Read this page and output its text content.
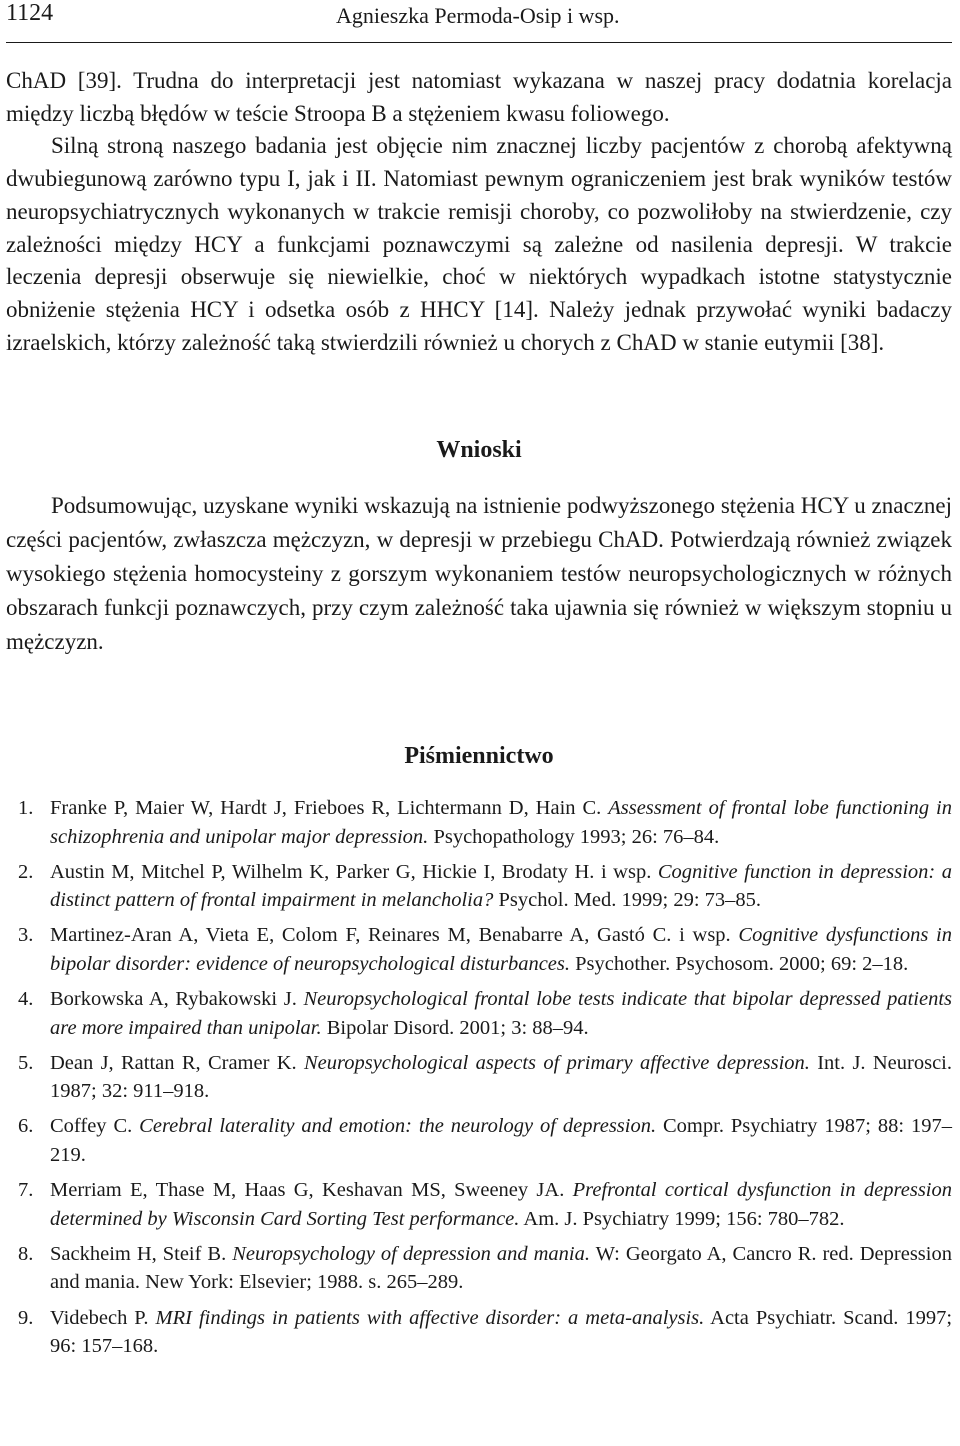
1124	Agnieszka Permoda-Osip i wsp.

ChAD [39]. Trudna do interpretacji jest natomiast wykazana w naszej pracy dodatnia korelacja między liczbą błędów w teście Stroopa B a stężeniem kwasu foliowego.

Silną stroną naszego badania jest objęcie nim znacznej liczby pacjentów z chorobą afektywną dwubiegunową zarówno typu I, jak i II. Natomiast pewnym ograniczeniem jest brak wyników testów neuropsychiatrycznych wykonanych w trakcie remisji choroby, co pozwoliłoby na stwierdzenie, czy zależności między HCY a funkcjami poznawczymi są zależne od nasilenia depresji. W trakcie leczenia depresji obserwuje się niewielkie, choć w niektórych wypadkach istotne statystycznie obniżenie stężenia HCY i odsetka osób z HHCY [14]. Należy jednak przywołać wyniki badaczy izraelskich, którzy zależność taką stwierdzili również u chorych z ChAD w stanie eutymii [38].

Wnioski

Podsumowując, uzyskane wyniki wskazują na istnienie podwyższonego stężenia HCY u znacznej części pacjentów, zwłaszcza mężczyzn, w depresji w przebiegu ChAD. Potwierdzają również związek wysokiego stężenia homocysteiny z gorszym wykonaniem testów neuropsychologicznych w różnych obszarach funkcji poznawczych, przy czym zależność taka ujawnia się również w większym stopniu u mężczyzn.

Piśmiennictwo
1. Franke P, Maier W, Hardt J, Frieboes R, Lichtermann D, Hain C. Assessment of frontal lobe functioning in schizophrenia and unipolar major depression. Psychopathology 1993; 26: 76–84.
2. Austin M, Mitchel P, Wilhelm K, Parker G, Hickie I, Brodaty H. i wsp. Cognitive function in depression: a distinct pattern of frontal impairment in melancholia? Psychol. Med. 1999; 29: 73–85.
3. Martinez-Aran A, Vieta E, Colom F, Reinares M, Benabarre A, Gastó C. i wsp. Cognitive dysfunctions in bipolar disorder: evidence of neuropsychological disturbances. Psychother. Psychosom. 2000; 69: 2–18.
4. Borkowska A, Rybakowski J. Neuropsychological frontal lobe tests indicate that bipolar depressed patients are more impaired than unipolar. Bipolar Disord. 2001; 3: 88–94.
5. Dean J, Rattan R, Cramer K. Neuropsychological aspects of primary affective depression. Int. J. Neurosci. 1987; 32: 911–918.
6. Coffey C. Cerebral laterality and emotion: the neurology of depression. Compr. Psychiatry 1987; 88: 197–219.
7. Merriam E, Thase M, Haas G, Keshavan MS, Sweeney JA. Prefrontal cortical dysfunction in depression determined by Wisconsin Card Sorting Test performance. Am. J. Psychiatry 1999; 156: 780–782.
8. Sackheim H, Steif B. Neuropsychology of depression and mania. W: Georgato A, Cancro R. red. Depression and mania. New York: Elsevier; 1988. s. 265–289.
9. Videbech P. MRI findings in patients with affective disorder: a meta-analysis. Acta Psychiatr. Scand. 1997; 96: 157–168.
